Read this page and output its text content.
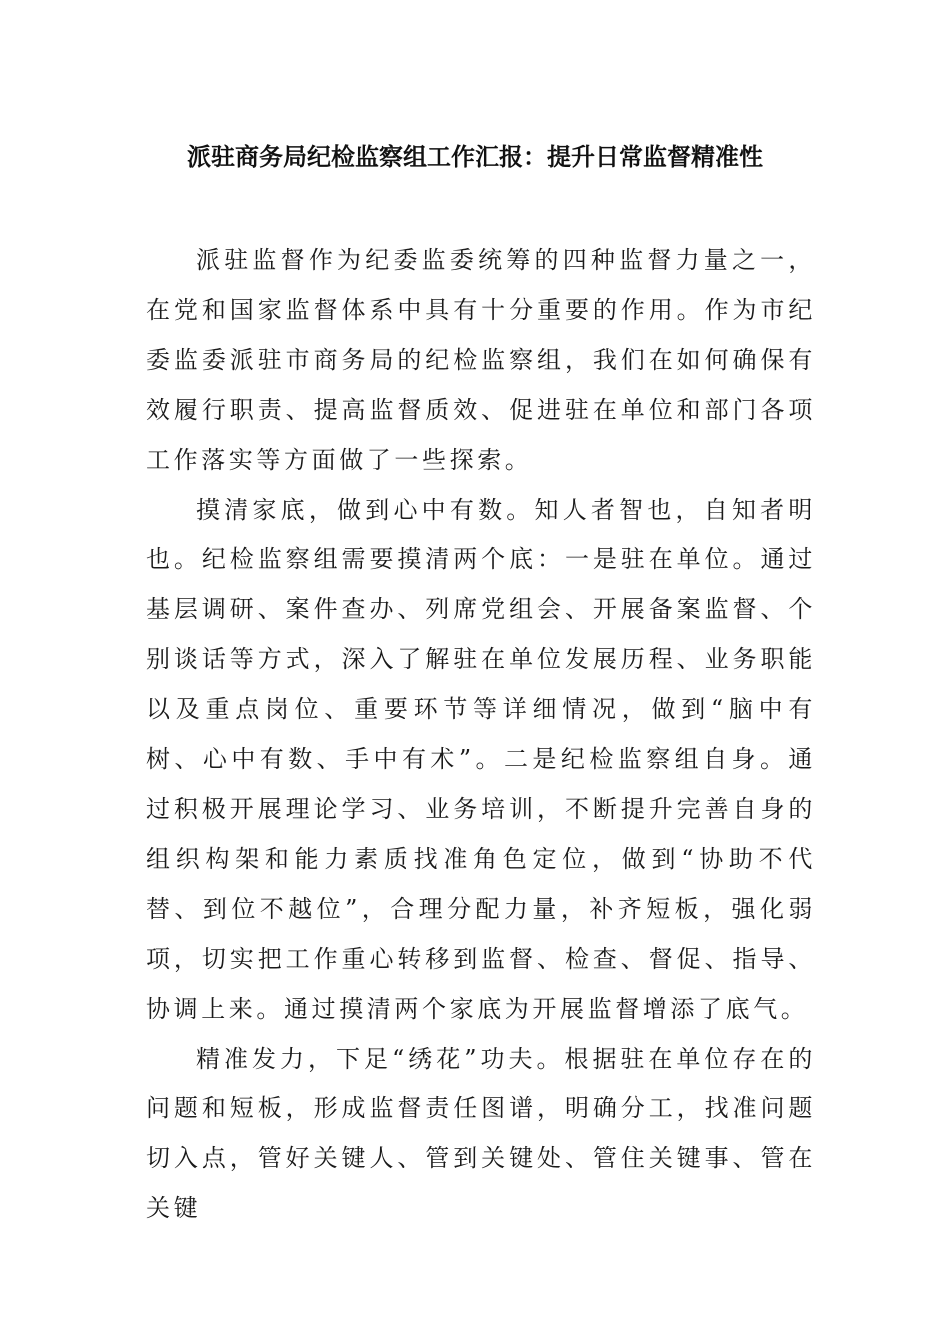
派驻商务局纪检监察组工作汇报：提升日常监督精准性

派驻监督作为纪委监委统筹的四种监督力量之一，在党和国家监督体系中具有十分重要的作用。作为市纪委监委派驻市商务局的纪检监察组，我们在如何确保有效履行职责、提高监督质效、促进驻在单位和部门各项工作落实等方面做了一些探索。

摸清家底，做到心中有数。知人者智也，自知者明也。纪检监察组需要摸清两个底：一是驻在单位。通过基层调研、案件查办、列席党组会、开展备案监督、个别谈话等方式，深入了解驻在单位发展历程、业务职能以及重点岗位、重要环节等详细情况，做到“脑中有树、心中有数、手中有术”。二是纪检监察组自身。通过积极开展理论学习、业务培训，不断提升完善自身的组织构架和能力素质找准角色定位，做到“协助不代替、到位不越位”，合理分配力量，补齐短板，强化弱项，切实把工作重心转移到监督、检查、督促、指导、协调上来。通过摸清两个家底为开展监督增添了底气。

精准发力，下足“绣花”功夫。根据驻在单位存在的问题和短板，形成监督责任图谱，明确分工，找准问题切入点，管好关键人、管到关键处、管住关键事、管在关键
